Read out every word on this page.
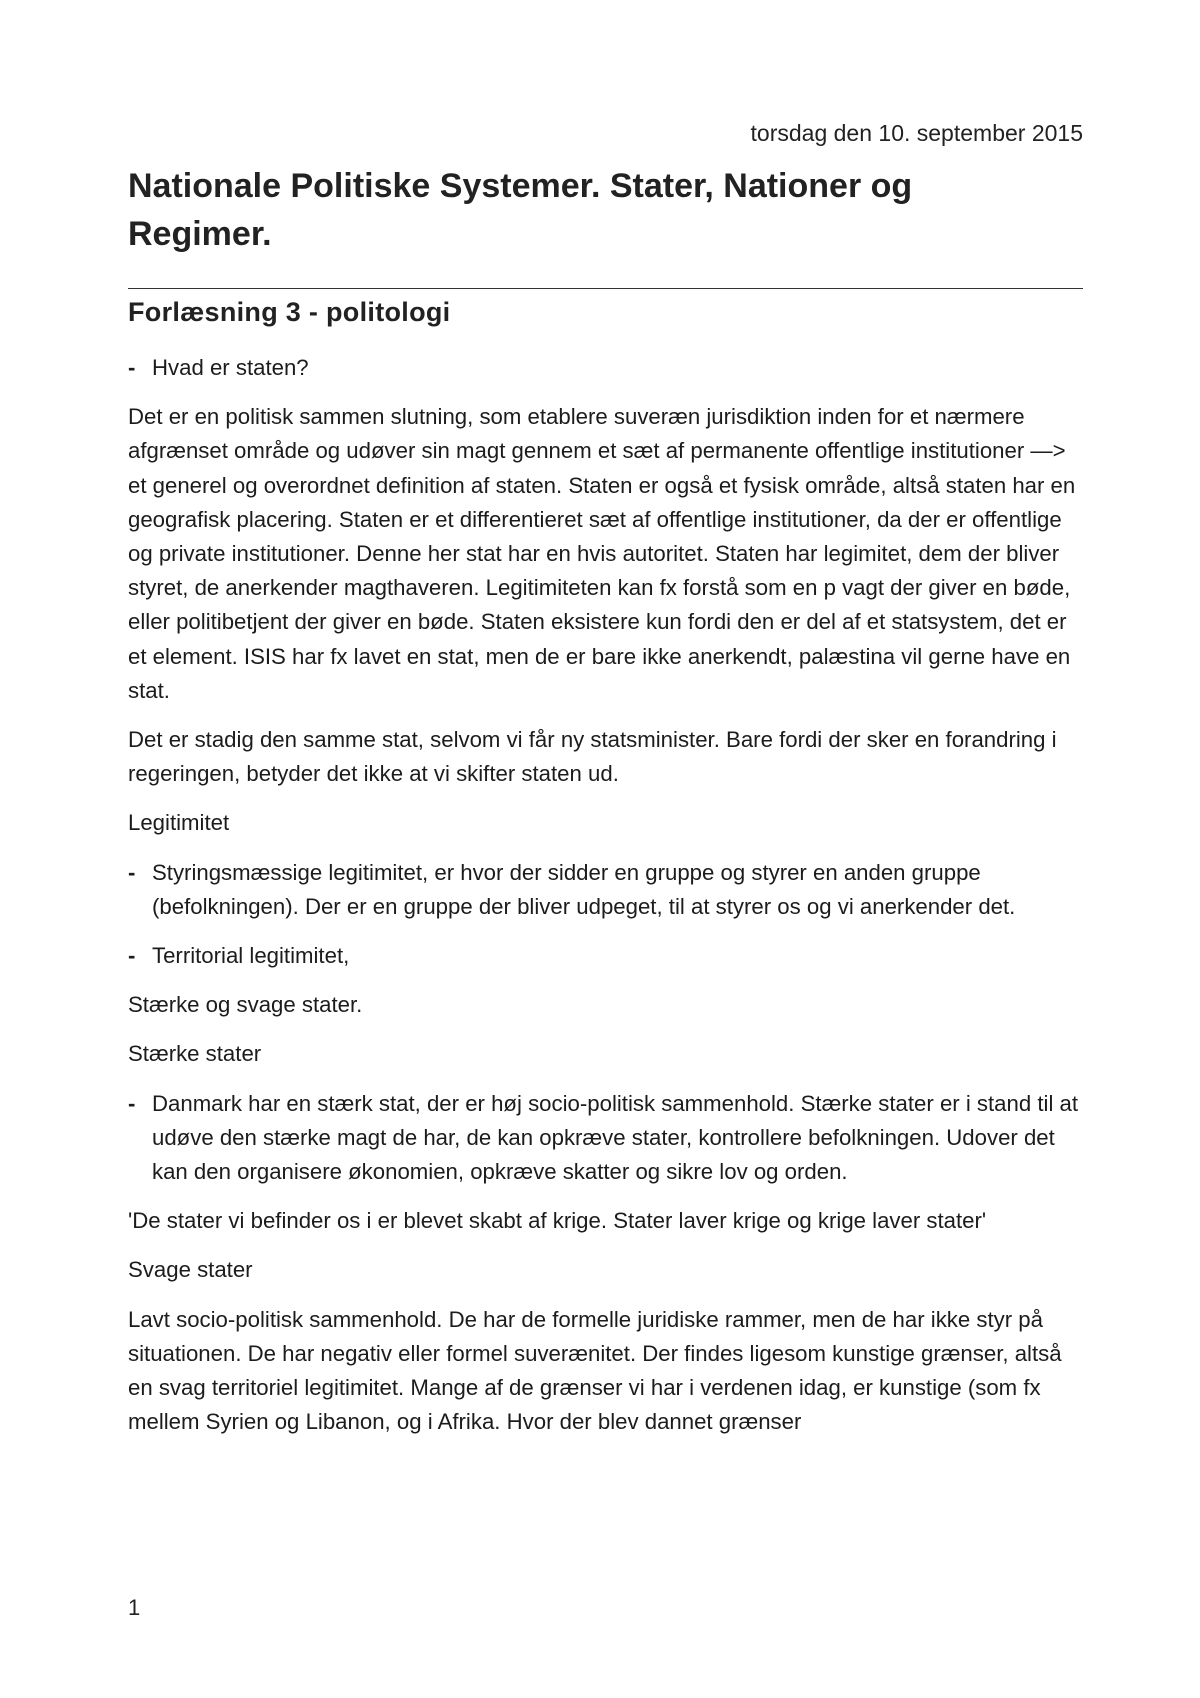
torsdag den 10. september 2015
Nationale Politiske Systemer. Stater, Nationer og Regimer.
Forlæsning 3 - politologi
- Hvad er staten?

Det er en politisk sammen slutning, som etablere suveræn jurisdiktion inden for et nærmere afgrænset område og udøver sin magt gennem et sæt af permanente offentlige institutioner —> et generel og overordnet definition af staten. Staten er også et fysisk område, altså staten har en geografisk placering. Staten er et differentieret sæt af offentlige institutioner, da der er offentlige og private institutioner. Denne her stat har en hvis autoritet. Staten har legimitet, dem der bliver styret, de anerkender magthaveren. Legitimiteten kan fx forstå som en p vagt der giver en bøde, eller politibetjent der giver en bøde. Staten eksistere kun fordi den er del af et statsystem, det er et element. ISIS har fx lavet en stat, men de er bare ikke anerkendt, palæstina vil gerne have en stat.

Det er stadig den samme stat, selvom vi får ny statsminister. Bare fordi der sker en forandring i regeringen, betyder det ikke at vi skifter staten ud.

Legitimitet

- Styringsmæssige legitimitet, er hvor der sidder en gruppe og styrer en anden gruppe (befolkningen). Der er en gruppe der bliver udpeget, til at styrer os og vi anerkender det.
- Territorial legitimitet,

Stærke og svage stater.

Stærke stater

- Danmark har en stærk stat, der er høj socio-politisk sammenhold. Stærke stater er i stand til at udøve den stærke magt de har, de kan opkræve stater, kontrollere befolkningen. Udover det kan den organisere økonomien, opkræve skatter og sikre lov og orden.

'De stater vi befinder os i er blevet skabt af krige. Stater laver krige og krige laver stater'

Svage stater

Lavt socio-politisk sammenhold. De har de formelle juridiske rammer, men de har ikke styr på situationen. De har negativ eller formel suverænitet. Der findes ligesom kunstige grænser, altså en svag territoriel legitimitet. Mange af de grænser vi har i verdenen idag, er kunstige (som fx mellem Syrien og Libanon, og i Afrika. Hvor der blev dannet grænser

1
